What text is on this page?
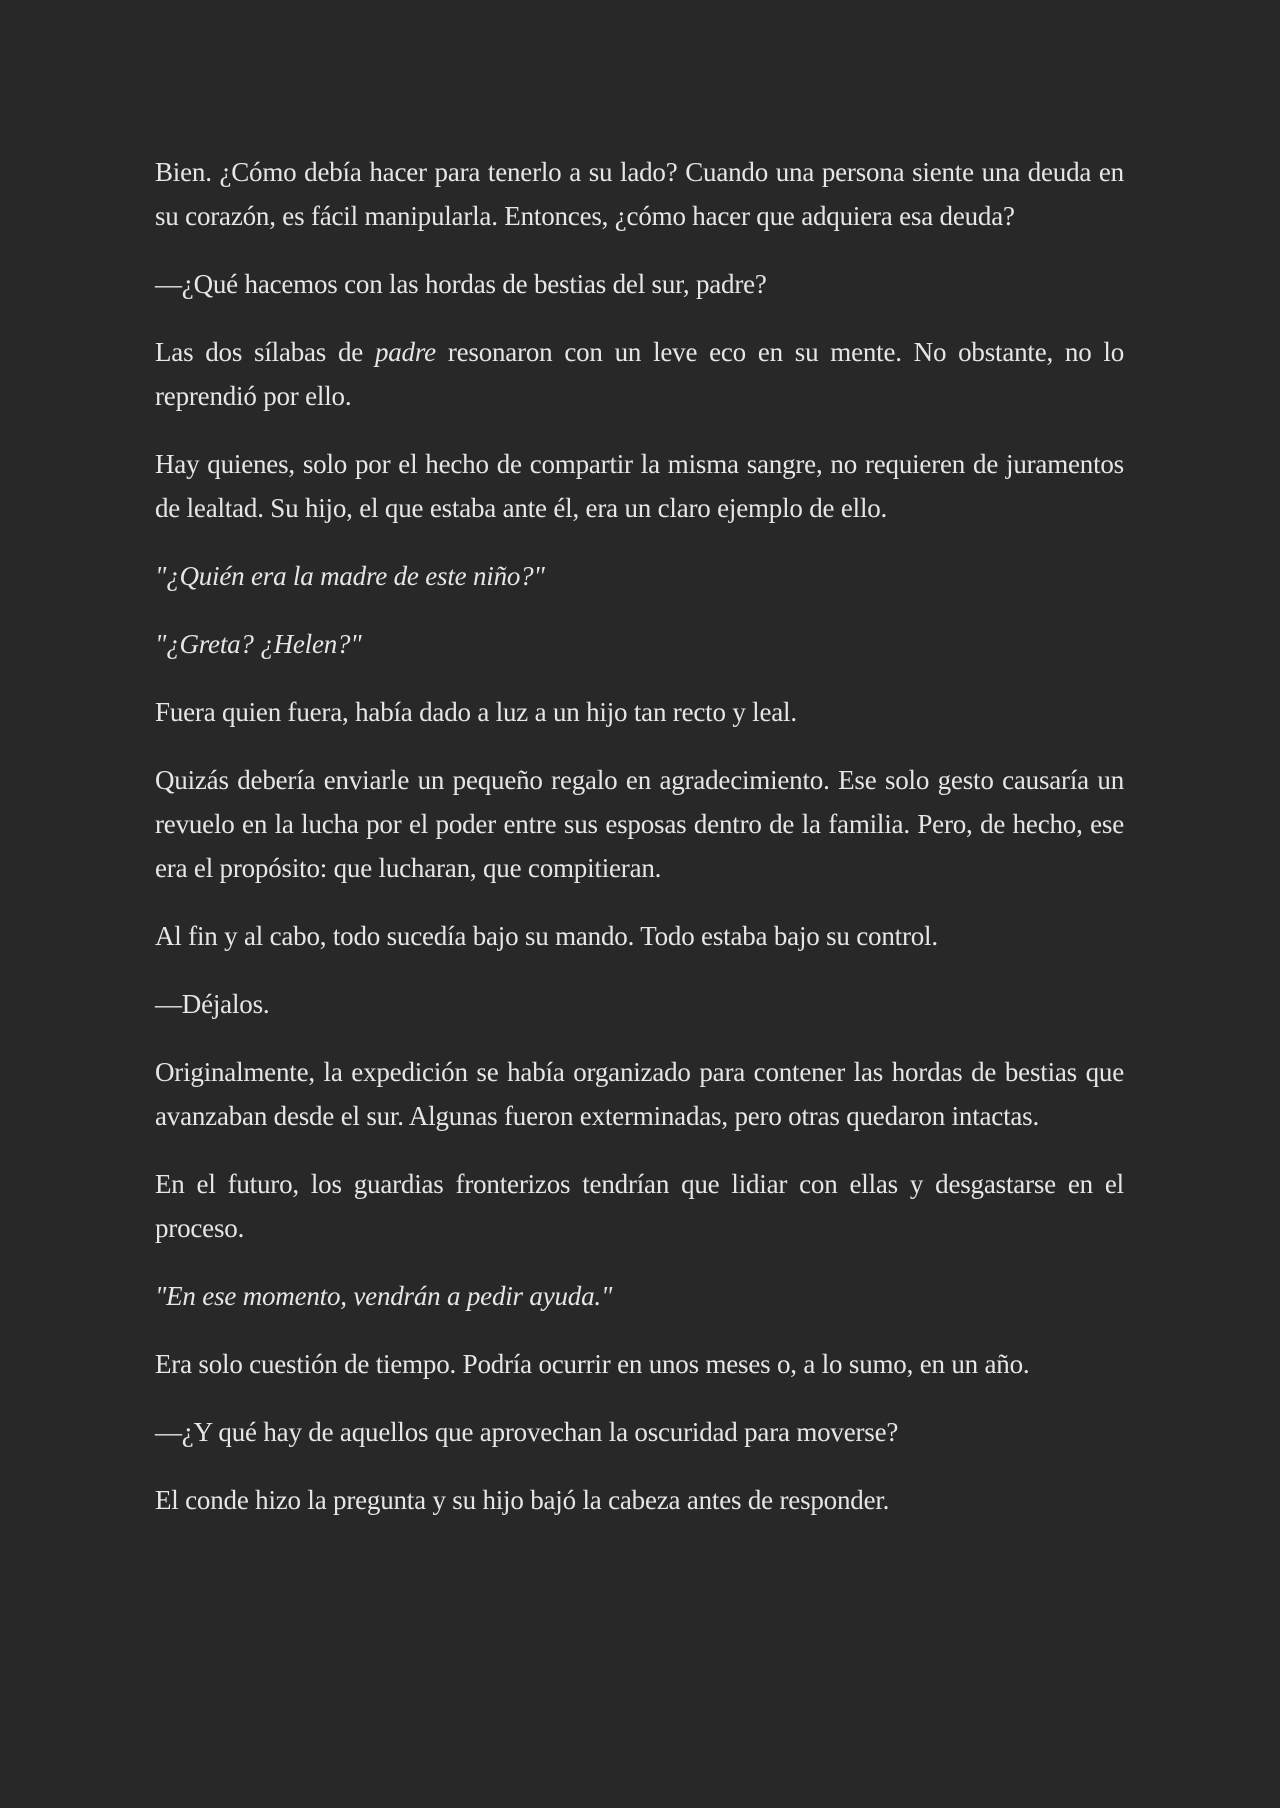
Bien. ¿Cómo debía hacer para tenerlo a su lado? Cuando una persona siente una deuda en su corazón, es fácil manipularla. Entonces, ¿cómo hacer que adquiera esa deuda?

—¿Qué hacemos con las hordas de bestias del sur, padre?

Las dos sílabas de padre resonaron con un leve eco en su mente. No obstante, no lo reprendió por ello.

Hay quienes, solo por el hecho de compartir la misma sangre, no requieren de juramentos de lealtad. Su hijo, el que estaba ante él, era un claro ejemplo de ello.

"¿Quién era la madre de este niño?"

"¿Greta? ¿Helen?"

Fuera quien fuera, había dado a luz a un hijo tan recto y leal.

Quizás debería enviarle un pequeño regalo en agradecimiento. Ese solo gesto causaría un revuelo en la lucha por el poder entre sus esposas dentro de la familia. Pero, de hecho, ese era el propósito: que lucharan, que compitieran.

Al fin y al cabo, todo sucedía bajo su mando. Todo estaba bajo su control.

—Déjalos.

Originalmente, la expedición se había organizado para contener las hordas de bestias que avanzaban desde el sur. Algunas fueron exterminadas, pero otras quedaron intactas.

En el futuro, los guardias fronterizos tendrían que lidiar con ellas y desgastarse en el proceso.

"En ese momento, vendrán a pedir ayuda."

Era solo cuestión de tiempo. Podría ocurrir en unos meses o, a lo sumo, en un año.

—¿Y qué hay de aquellos que aprovechan la oscuridad para moverse?

El conde hizo la pregunta y su hijo bajó la cabeza antes de responder.
